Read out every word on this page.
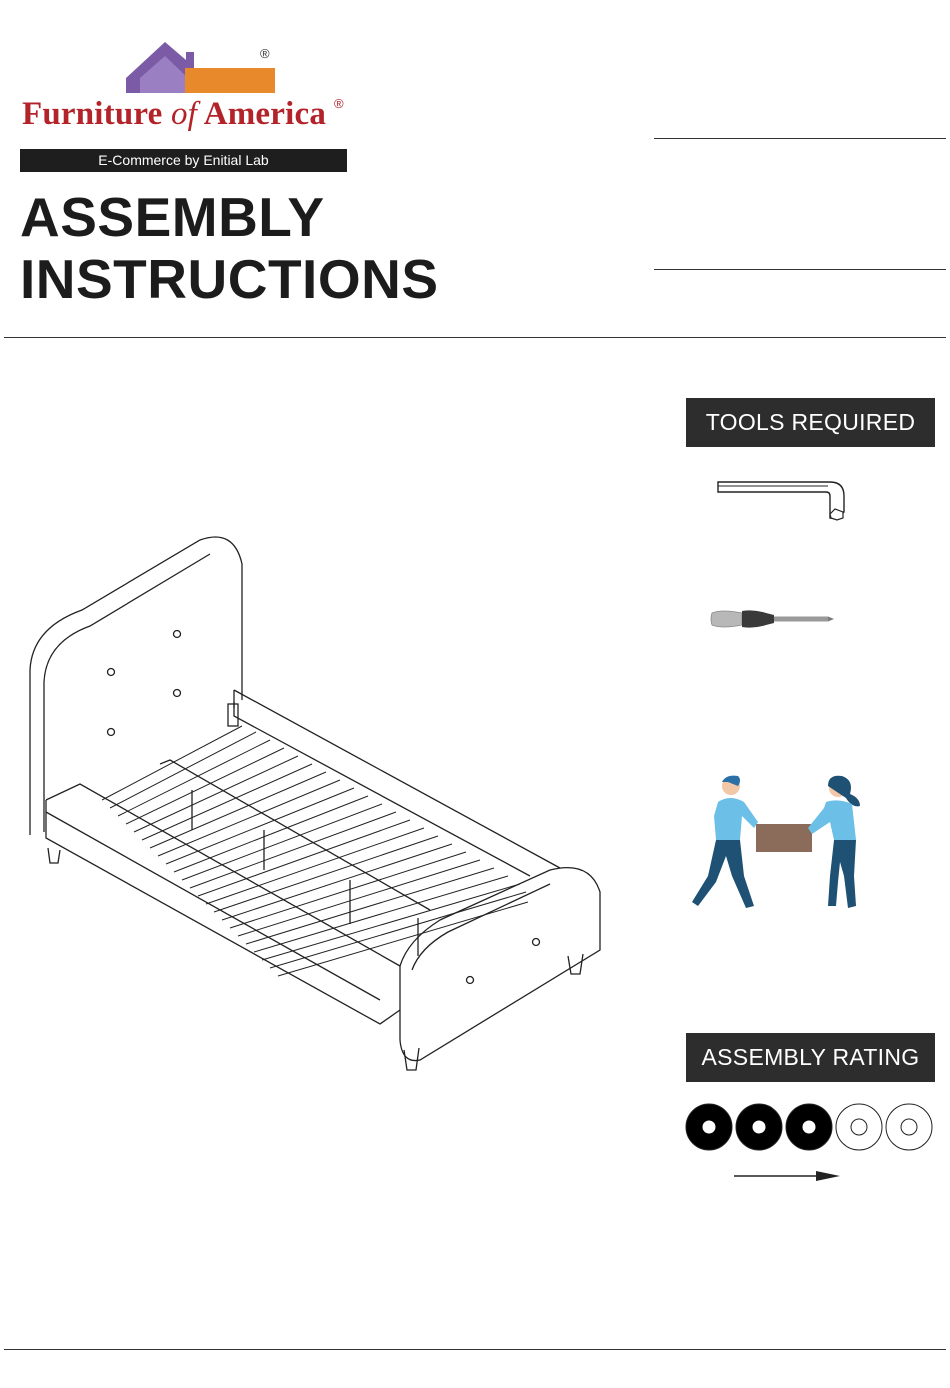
®
Furniture of America ®
E-Commerce by Enitial Lab
ASSEMBLY
INSTRUCTIONS
TOOLS REQUIRED
ASSEMBLY RATING
